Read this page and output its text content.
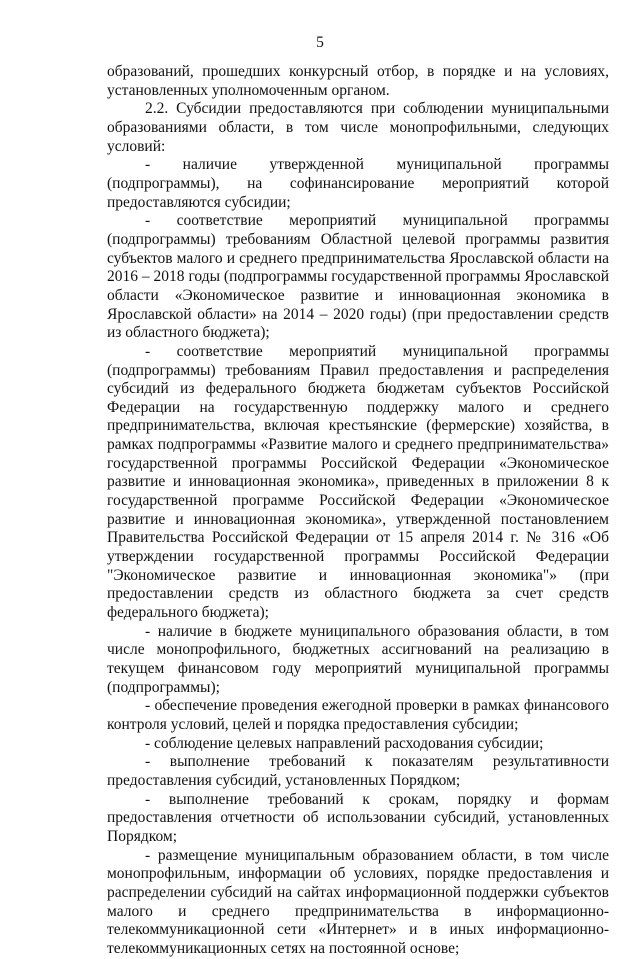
5

образований, прошедших конкурсный отбор, в порядке и на условиях, установленных уполномоченным органом.

2.2. Субсидии предоставляются при соблюдении муниципальными образованиями области, в том числе монопрофильными, следующих условий:

- наличие утвержденной муниципальной программы (подпрограммы), на софинансирование мероприятий которой предоставляются субсидии;

- соответствие мероприятий муниципальной программы (подпрограммы) требованиям Областной целевой программы развития субъектов малого и среднего предпринимательства Ярославской области на 2016 – 2018 годы (подпрограммы государственной программы Ярославской области «Экономическое развитие и инновационная экономика в Ярославской области» на 2014 – 2020 годы) (при предоставлении средств из областного бюджета);

- соответствие мероприятий муниципальной программы (подпрограммы) требованиям Правил предоставления и распределения субсидий из федерального бюджета бюджетам субъектов Российской Федерации на государственную поддержку малого и среднего предпринимательства, включая крестьянские (фермерские) хозяйства, в рамках подпрограммы «Развитие малого и среднего предпринимательства» государственной программы Российской Федерации «Экономическое развитие и инновационная экономика», приведенных в приложении 8 к государственной программе Российской Федерации «Экономическое развитие и инновационная экономика», утвержденной постановлением Правительства Российской Федерации от 15 апреля 2014 г. № 316 «Об утверждении государственной программы Российской Федерации "Экономическое развитие и инновационная экономика"» (при предоставлении средств из областного бюджета за счет средств федерального бюджета);

- наличие в бюджете муниципального образования области, в том числе монопрофильного, бюджетных ассигнований на реализацию в текущем финансовом году мероприятий муниципальной программы (подпрограммы);

- обеспечение проведения ежегодной проверки в рамках финансового контроля условий, целей и порядка предоставления субсидии;

- соблюдение целевых направлений расходования субсидии;

- выполнение требований к показателям результативности предоставления субсидий, установленных Порядком;

- выполнение требований к срокам, порядку и формам предоставления отчетности об использовании субсидий, установленных Порядком;

- размещение муниципальным образованием области, в том числе монопрофильным, информации об условиях, порядке предоставления и распределении субсидий на сайтах информационной поддержки субъектов малого и среднего предпринимательства в информационно-телекоммуникационной сети «Интернет» и в иных информационно-телекоммуникационных сетях на постоянной основе;
